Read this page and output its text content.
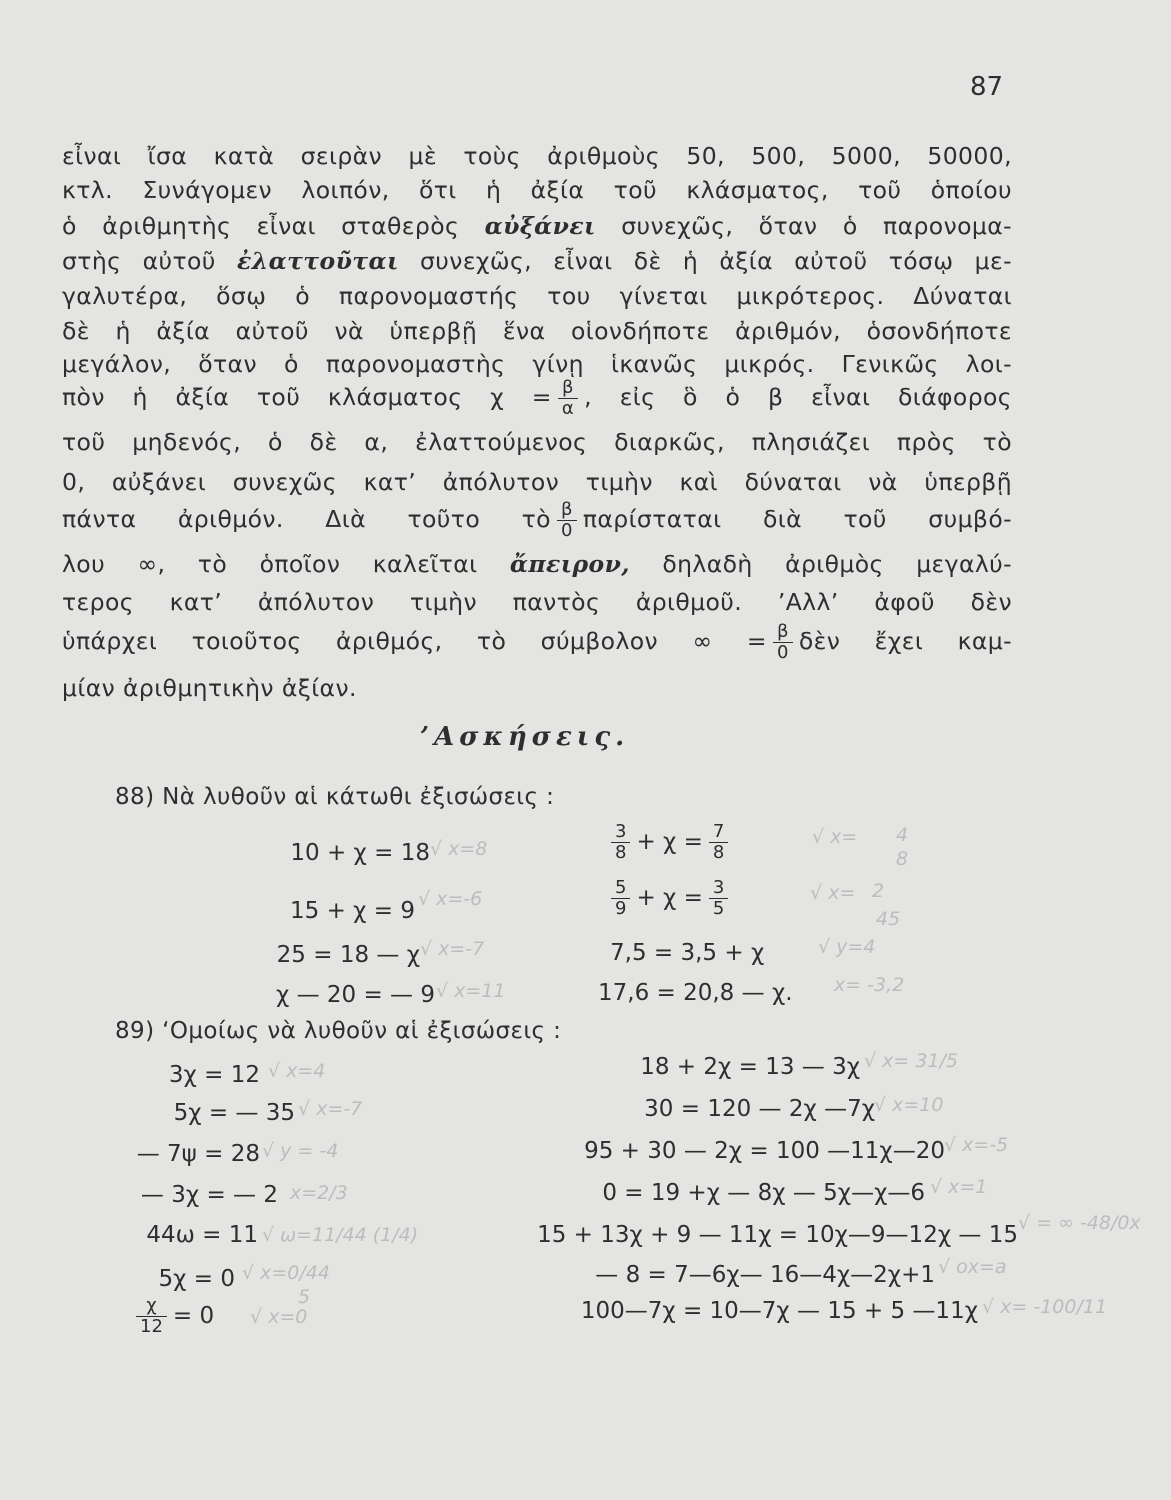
87
εἶναι ἴσα κατὰ σειρὰν μὲ τοὺς ἀριθμοὺς 50, 500, 5000, 50000,
κτλ. Συνάγομεν λοιπόν, ὅτι ἡ ἀξία τοῦ κλάσματος, τοῦ ὁποίου
ὁ ἀριθμητὴς εἶναι σταθερὸς αὐξάνει συνεχῶς, ὅταν ὁ παρονομα-
στὴς αὐτοῦ ἐλαττοῦται συνεχῶς, εἶναι δὲ ἡ ἀξία αὐτοῦ τόσῳ με-
γαλυτέρα, ὅσῳ ὁ παρονομαστής του γίνεται μικρότερος. Δύναται
δὲ ἡ ἀξία αὐτοῦ νὰ ὑπερβῇ ἕνα οἱονδήποτε ἀριθμόν, ὁσονδήποτε
μεγάλον, ὅταν ὁ παρονομαστὴς γίνῃ ἱκανῶς μικρός. Γενικῶς λοι-
πὸν ἡ ἀξία τοῦ κλάσματος $\chi = \frac{\beta}{\alpha}$ , εἰς ὃ ὁ β εἶναι διάφορος
τοῦ μηδενός, ὁ δὲ α, ἐλαττούμενος διαρκῶς, πλησιάζει πρὸς τὸ
0, αὐξάνει συνεχῶς κατ’ ἀπόλυτον τιμὴν καὶ δύναται νὰ ὑπερβῇ
πάντα ἀριθμόν. Διὰ τοῦτο τὸ $\frac{\beta}{0}$ παρίσταται διὰ τοῦ συμβό-
λου ∞, τὸ ὁποῖον καλεῖται ἄπειρον, δηλαδὴ ἀριθμὸς μεγαλύ-
τερος κατ’ ἀπόλυτον τιμὴν παντὸς ἀριθμοῦ. ’Αλλ’ ἀφοῦ δὲν
ὑπάρχει τοιοῦτος ἀριθμός, τὸ σύμβολον ∞ = $\frac{\beta}{0}$ δὲν ἔχει καμ-
μίαν ἀριθμητικὴν ἀξίαν.
’Ασκήσεις.
88) Νὰ λυθοῦν αἱ κάτωθι ἐξισώσεις :
10 + χ = 18
15 + χ = 9
25 = 18 — χ
χ — 20 = — 9
$\frac{3}{8} + \chi = \frac{7}{8}$
$\frac{5}{9} + \chi = \frac{3}{5}$
7,5 = 3,5 + χ
17,6 = 20,8 — χ.
√ x=8
√ x=-6
√ x=-7
√ x=11
√ x= 4
8
√ x= 2
45
√ y=4
x= -3,2
89) ‘Ομοίως νὰ λυθοῦν αἱ ἐξισώσεις :
3χ = 12
5χ = — 35
— 7ψ = 28
— 3χ = — 2
44ω = 11
5χ = 0
$\frac{\chi}{12} = 0$
18 + 2χ = 13 — 3χ
30 = 120 — 2χ —7χ
95 + 30 — 2χ = 100 —11χ—20
0 = 19 +χ — 8χ — 5χ—χ—6
15 + 13χ + 9 — 11χ = 10χ—9—12χ — 15
— 8 = 7—6χ— 16—4χ—2χ+1
100—7χ = 10—7χ — 15 + 5 —11χ
√ x=4
√ x=-7
√ y = -4
x=2/3
√ ω=11/44 (1/4)
√ x=0/44
5
√ x=0
√ x= 31/5
√ x=10
√ x=-5
√ x=1
√ = ∞ -48/0x
√ ox=a
√ x= -100/11
